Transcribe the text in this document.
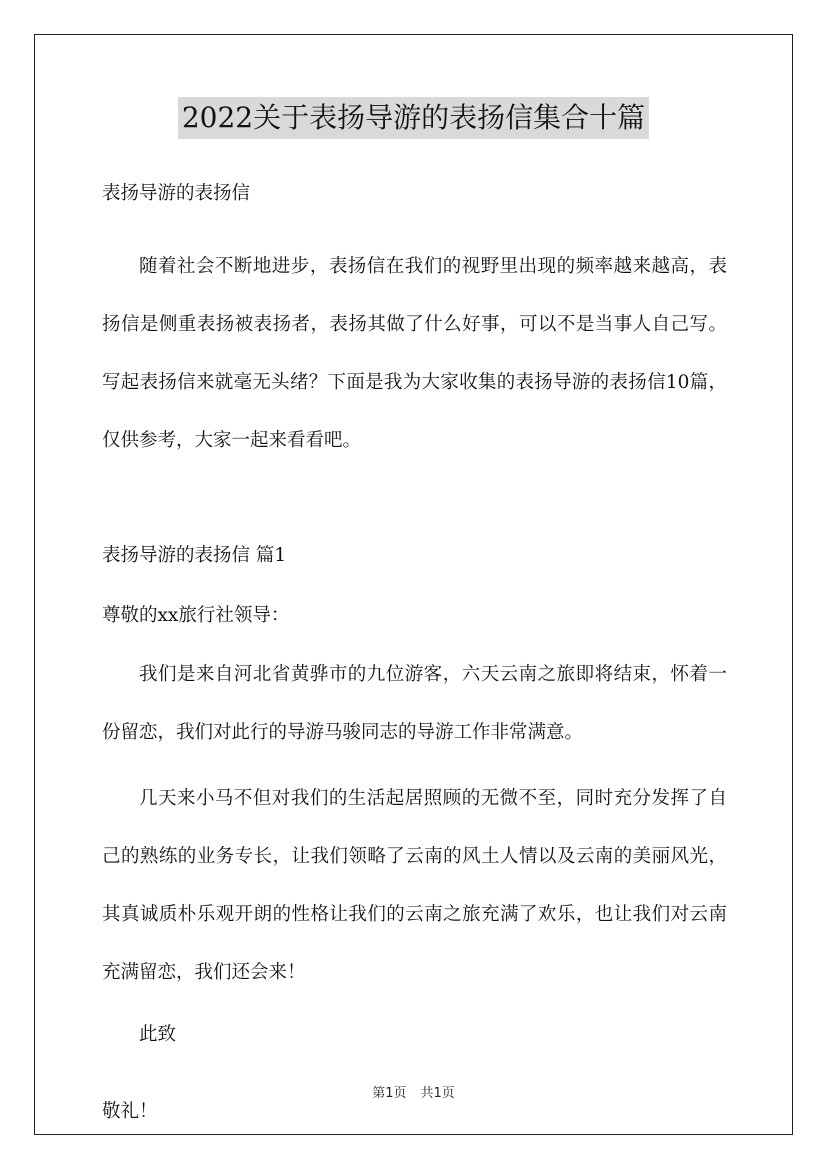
2022关于表扬导游的表扬信集合十篇

表扬导游的表扬信

随着社会不断地进步，表扬信在我们的视野里出现的频率越来越高，表扬信是侧重表扬被表扬者，表扬其做了什么好事，可以不是当事人自己写。写起表扬信来就毫无头绪？下面是我为大家收集的表扬导游的表扬信10篇，仅供参考，大家一起来看看吧。

表扬导游的表扬信 篇1

尊敬的xx旅行社领导：

我们是来自河北省黄骅市的九位游客，六天云南之旅即将结束，怀着一份留恋，我们对此行的导游马骏同志的导游工作非常满意。

几天来小马不但对我们的生活起居照顾的无微不至，同时充分发挥了自己的熟练的业务专长，让我们领略了云南的风土人情以及云南的美丽风光，其真诚质朴乐观开朗的性格让我们的云南之旅充满了欢乐，也让我们对云南充满留恋，我们还会来！

此致

敬礼！

第1页 共1页
